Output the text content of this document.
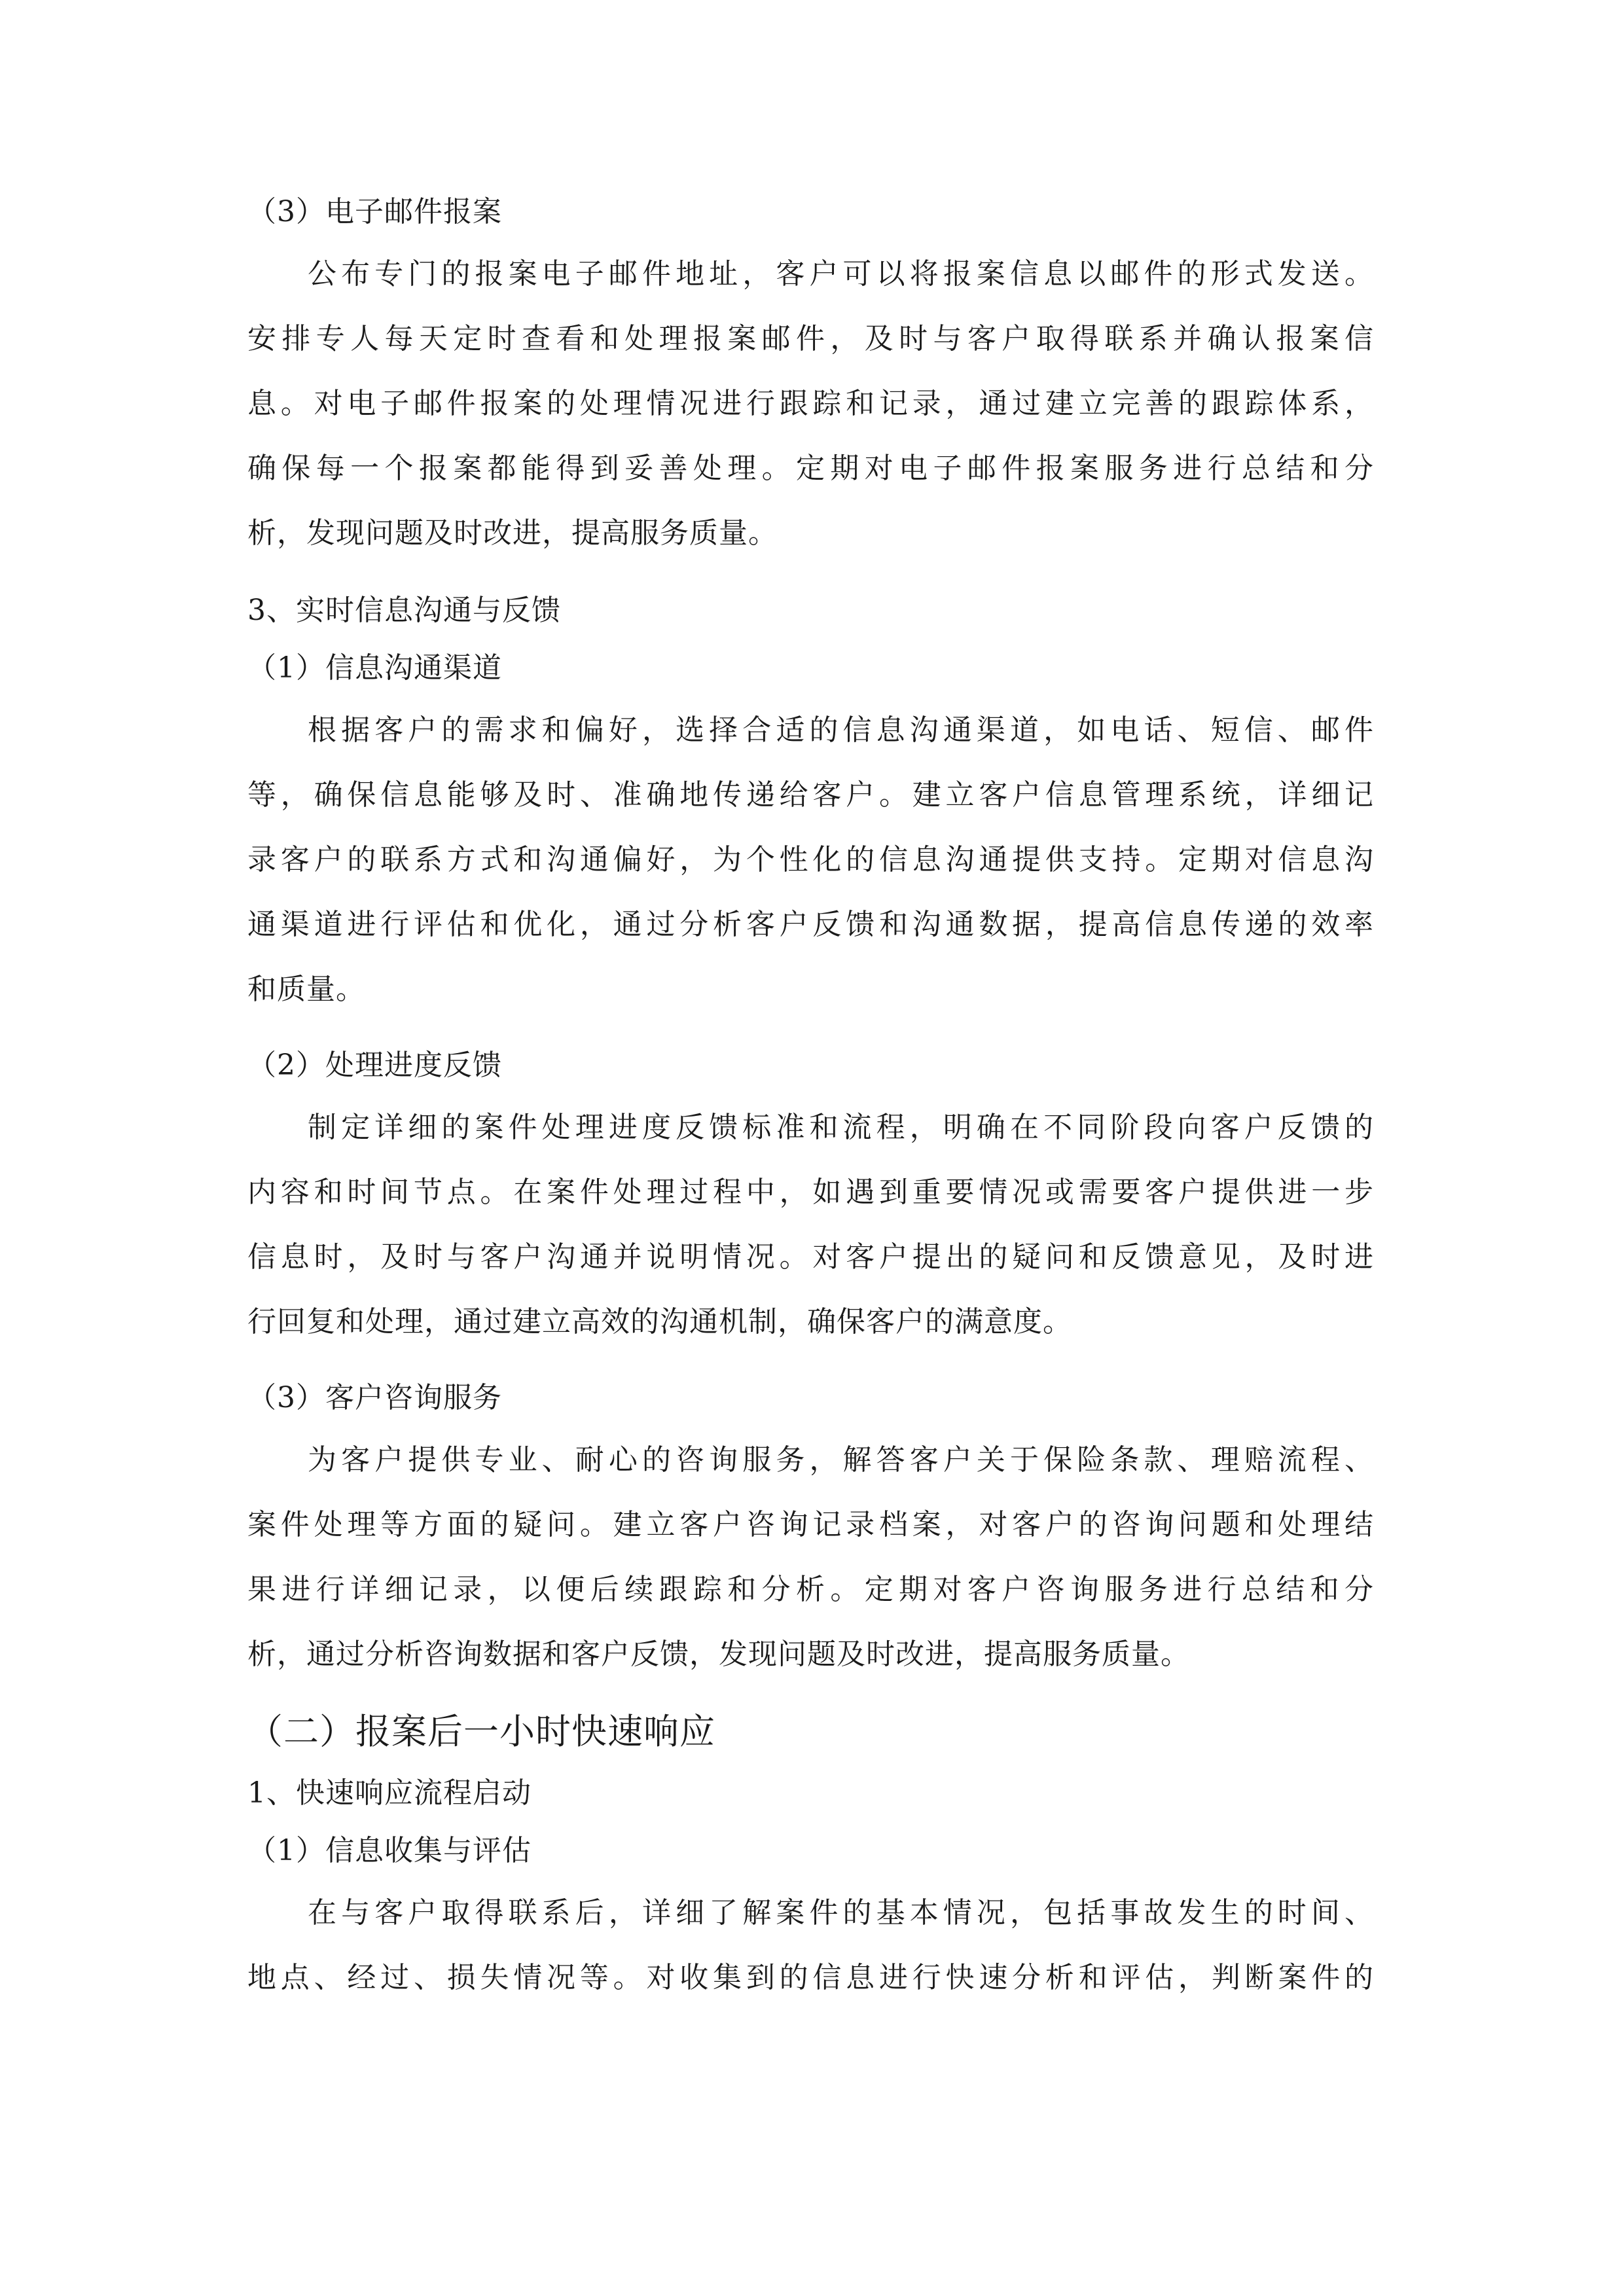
（3）电子邮件报案
公布专门的报案电子邮件地址，客户可以将报案信息以邮件的形式发送。
安排专人每天定时查看和处理报案邮件，及时与客户取得联系并确认报案信
息。对电子邮件报案的处理情况进行跟踪和记录，通过建立完善的跟踪体系，
确保每一个报案都能得到妥善处理。定期对电子邮件报案服务进行总结和分
析，发现问题及时改进，提高服务质量。
3、实时信息沟通与反馈
（1）信息沟通渠道
根据客户的需求和偏好，选择合适的信息沟通渠道，如电话、短信、邮件
等，确保信息能够及时、准确地传递给客户。建立客户信息管理系统，详细记
录客户的联系方式和沟通偏好，为个性化的信息沟通提供支持。定期对信息沟
通渠道进行评估和优化，通过分析客户反馈和沟通数据，提高信息传递的效率
和质量。
（2）处理进度反馈
制定详细的案件处理进度反馈标准和流程，明确在不同阶段向客户反馈的
内容和时间节点。在案件处理过程中，如遇到重要情况或需要客户提供进一步
信息时，及时与客户沟通并说明情况。对客户提出的疑问和反馈意见，及时进
行回复和处理，通过建立高效的沟通机制，确保客户的满意度。
（3）客户咨询服务
为客户提供专业、耐心的咨询服务，解答客户关于保险条款、理赔流程、
案件处理等方面的疑问。建立客户咨询记录档案，对客户的咨询问题和处理结
果进行详细记录，以便后续跟踪和分析。定期对客户咨询服务进行总结和分
析，通过分析咨询数据和客户反馈，发现问题及时改进，提高服务质量。
（二）报案后一小时快速响应
1、快速响应流程启动
（1）信息收集与评估
在与客户取得联系后，详细了解案件的基本情况，包括事故发生的时间、
地点、经过、损失情况等。对收集到的信息进行快速分析和评估，判断案件的
